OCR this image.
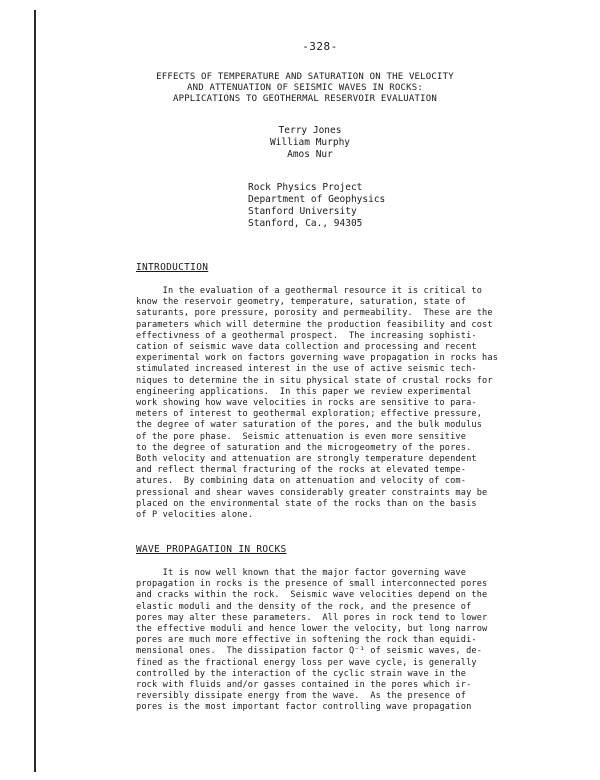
-328-
EFFECTS OF TEMPERATURE AND SATURATION ON THE VELOCITY
AND ATTENUATION OF SEISMIC WAVES IN ROCKS:
APPLICATIONS TO GEOTHERMAL RESERVOIR EVALUATION
Terry Jones
William Murphy
Amos Nur
Rock Physics Project
Department of Geophysics
Stanford University
Stanford, Ca., 94305
INTRODUCTION
In the evaluation of a geothermal resource it is critical to
know the reservoir geometry, temperature, saturation, state of
saturants, pore pressure, porosity and permeability.  These are the
parameters which will determine the production feasibility and cost
effectivness of a geothermal prospect.  The increasing sophisti-
cation of seismic wave data collection and processing and recent
experimental work on factors governing wave propagation in rocks has
stimulated increased interest in the use of active seismic tech-
niques to determine the in situ physical state of crustal rocks for
engineering applications.  In this paper we review experimental
work showing how wave velocities in rocks are sensitive to para-
meters of interest to geothermal exploration; effective pressure,
the degree of water saturation of the pores, and the bulk modulus
of the pore phase.  Seismic attenuation is even more sensitive
to the degree of saturation and the microgeometry of the pores.
Both velocity and attenuation are strongly temperature dependent
and reflect thermal fracturing of the rocks at elevated tempe-
atures.  By combining data on attenuation and velocity of com-
pressional and shear waves considerably greater constraints may be
placed on the environmental state of the rocks than on the basis
of P velocities alone.
WAVE PROPAGATION IN ROCKS
It is now well known that the major factor governing wave
propagation in rocks is the presence of small interconnected pores
and cracks within the rock.  Seismic wave velocities depend on the
elastic moduli and the density of the rock, and the presence of
pores may alter these parameters.  All pores in rock tend to lower
the effective moduli and hence lower the velocity, but long narrow
pores are much more effective in softening the rock than equidi-
mensional ones.  The dissipation factor Q⁻¹ of seismic waves, de-
fined as the fractional energy loss per wave cycle, is generally
controlled by the interaction of the cyclic strain wave in the
rock with fluids and/or gasses contained in the pores which ir-
reversibly dissipate energy from the wave.  As the presence of
pores is the most important factor controlling wave propagation
